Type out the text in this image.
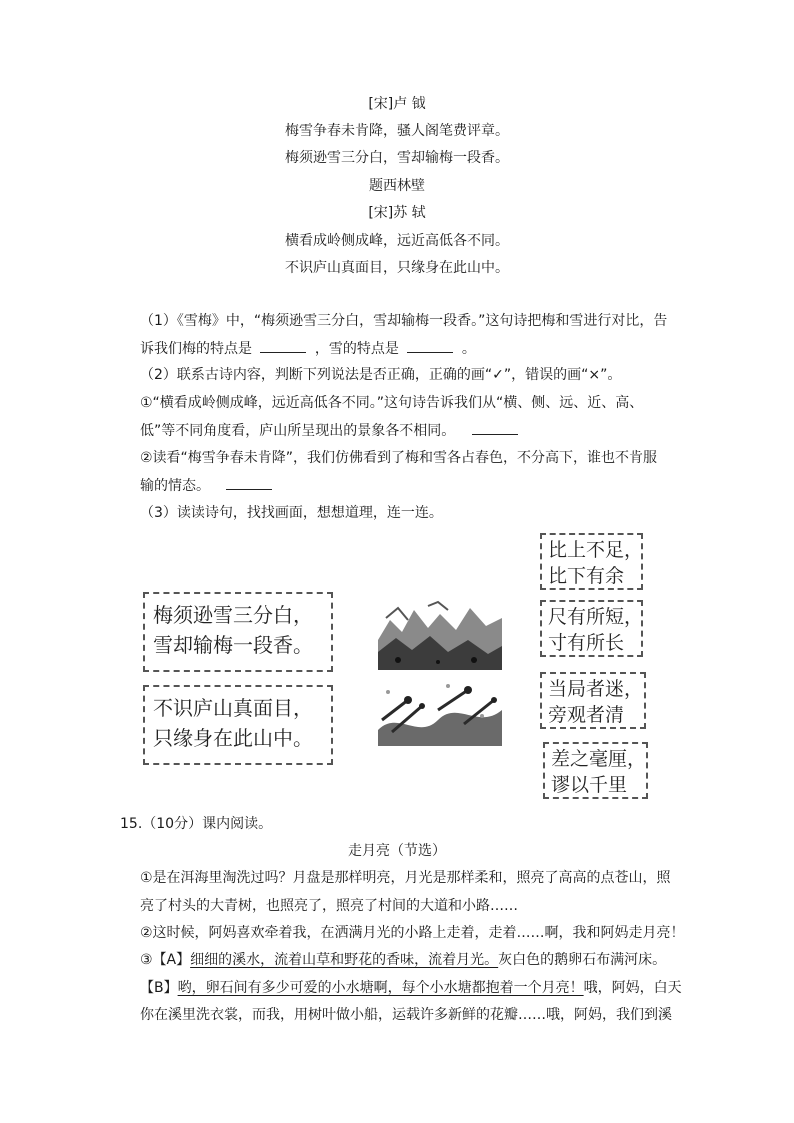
[宋]卢 钺
梅雪争春未肯降，骚人阁笔费评章。
梅须逊雪三分白，雪却输梅一段香。
题西林壁
[宋]苏 轼
横看成岭侧成峰，远近高低各不同。
不识庐山真面目，只缘身在此山中。
（1）《雪梅》中，“梅须逊雪三分白，雪却输梅一段香。”这句诗把梅和雪进行对比，告
诉我们梅的特点是	，雪的特点是	。
（2）联系古诗内容，判断下列说法是否正确，正确的画“✓”，错误的画“×”。
①“横看成岭侧成峰，远近高低各不同。”这句诗告诉我们从“横、侧、远、近、高、
低”等不同角度看，庐山所呈现出的景象各不相同。
②读看“梅雪争春未肯降”，我们仿佛看到了梅和雪各占春色，不分高下，谁也不肯服
输的情态。
（3）读读诗句，找找画面，想想道理，连一连。
梅须逊雪三分白，
雪却输梅一段香。
不识庐山真面目，
只缘身在此山中。
比上不足，
比下有余
尺有所短，
寸有所长
当局者迷，
旁观者清
差之毫厘，
谬以千里
15.（10分）课内阅读。
走月亮（节选）
①是在洱海里淘洗过吗？月盘是那样明亮，月光是那样柔和，照亮了高高的点苍山，照
亮了村头的大青树，也照亮了，照亮了村间的大道和小路……
②这时候，阿妈喜欢牵着我，在洒满月光的小路上走着，走着……啊，我和阿妈走月亮！
③【A】细细的溪水，流着山草和野花的香味，流着月光。灰白色的鹅卵石布满河床。
【B】哟，卵石间有多少可爱的小水塘啊，每个小水塘都抱着一个月亮！哦，阿妈，白天
你在溪里洗衣裳，而我，用树叶做小船，运载许多新鲜的花瓣……哦，阿妈，我们到溪
